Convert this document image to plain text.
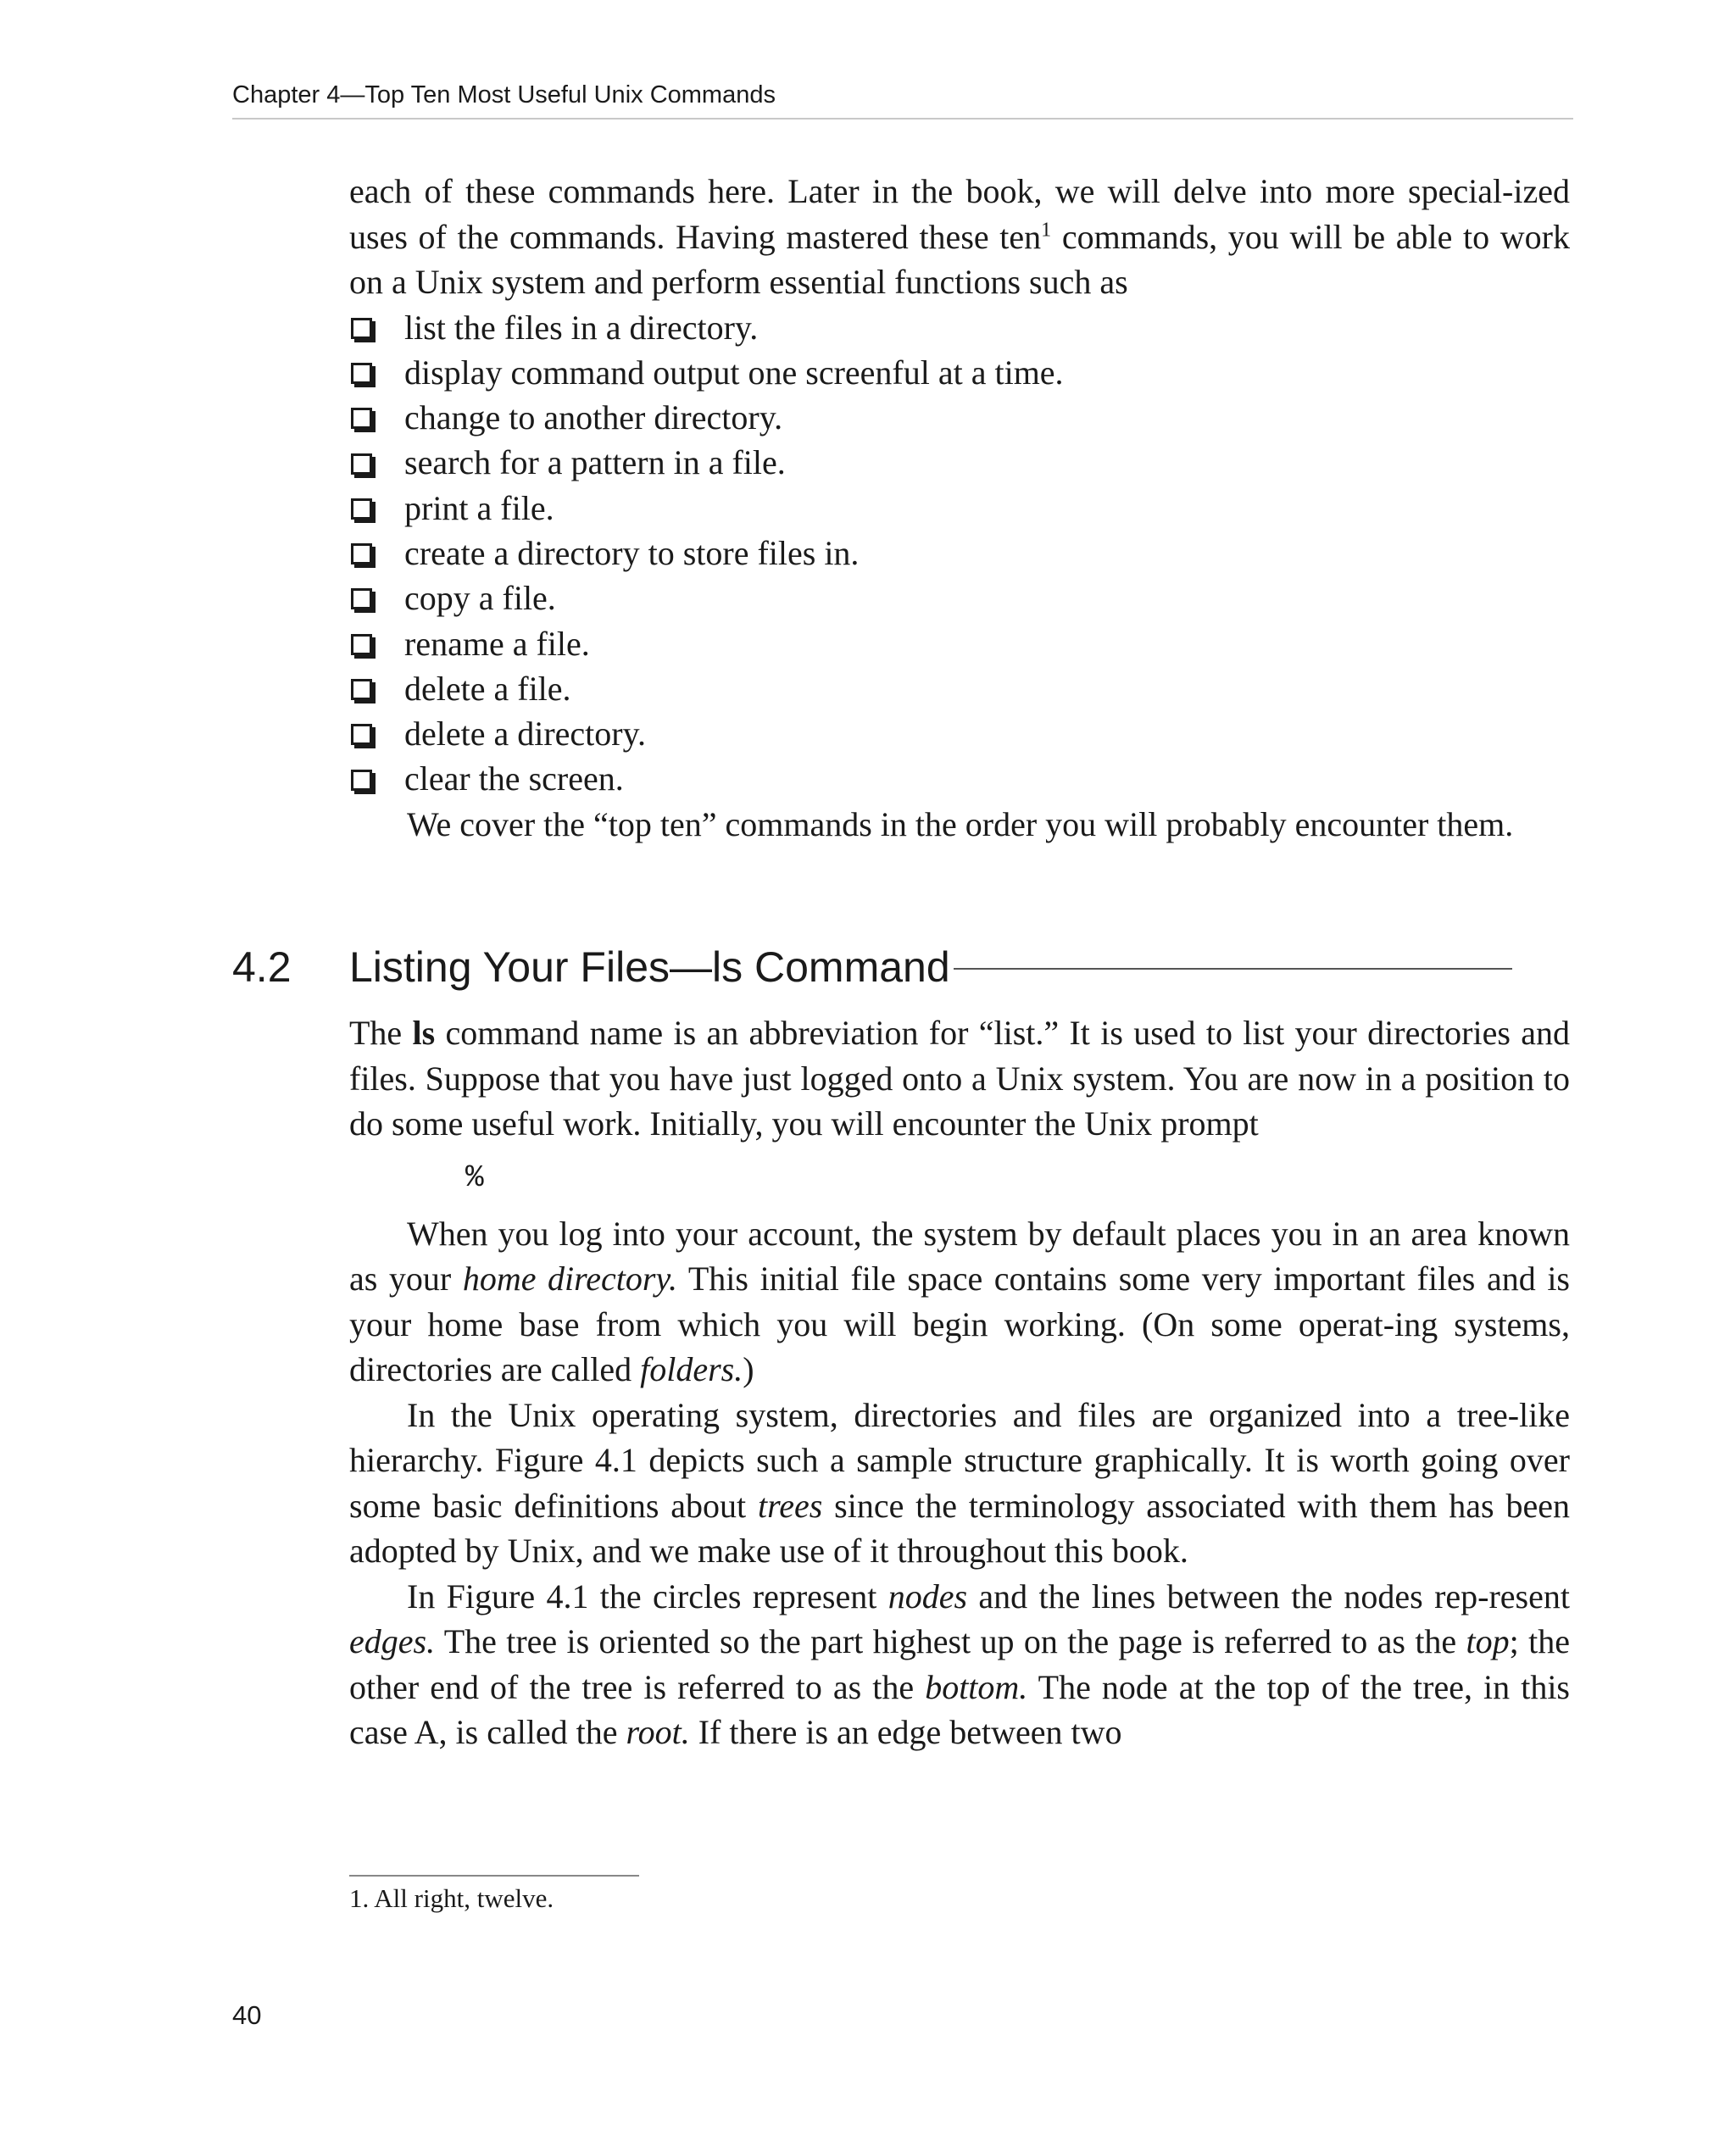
Chapter 4—Top Ten Most Useful Unix Commands

each of these commands here. Later in the book, we will delve into more special-ized uses of the commands. Having mastered these ten$^1$ commands, you will be able to work on a Unix system and perform essential functions such as

list the files in a directory.
display command output one screenful at a time.
change to another directory.
search for a pattern in a file.
print a file.
create a directory to store files in.
copy a file.
rename a file.
delete a file.
delete a directory.
clear the screen.

We cover the “top ten” commands in the order you will probably encounter them.

4.2	Listing Your Files—ls Command

The ls command name is an abbreviation for “list.” It is used to list your directories and files. Suppose that you have just logged onto a Unix system. You are now in a position to do some useful work. Initially, you will encounter the Unix prompt

%

When you log into your account, the system by default places you in an area known as your home directory. This initial file space contains some very important files and is your home base from which you will begin working. (On some operat-ing systems, directories are called folders.)

In the Unix operating system, directories and files are organized into a tree-like hierarchy. Figure 4.1 depicts such a sample structure graphically. It is worth going over some basic definitions about trees since the terminology associated with them has been adopted by Unix, and we make use of it throughout this book.

In Figure 4.1 the circles represent nodes and the lines between the nodes rep-resent edges. The tree is oriented so the part highest up on the page is referred to as the top; the other end of the tree is referred to as the bottom. The node at the top of the tree, in this case A, is called the root. If there is an edge between two

1. All right, twelve.
40
